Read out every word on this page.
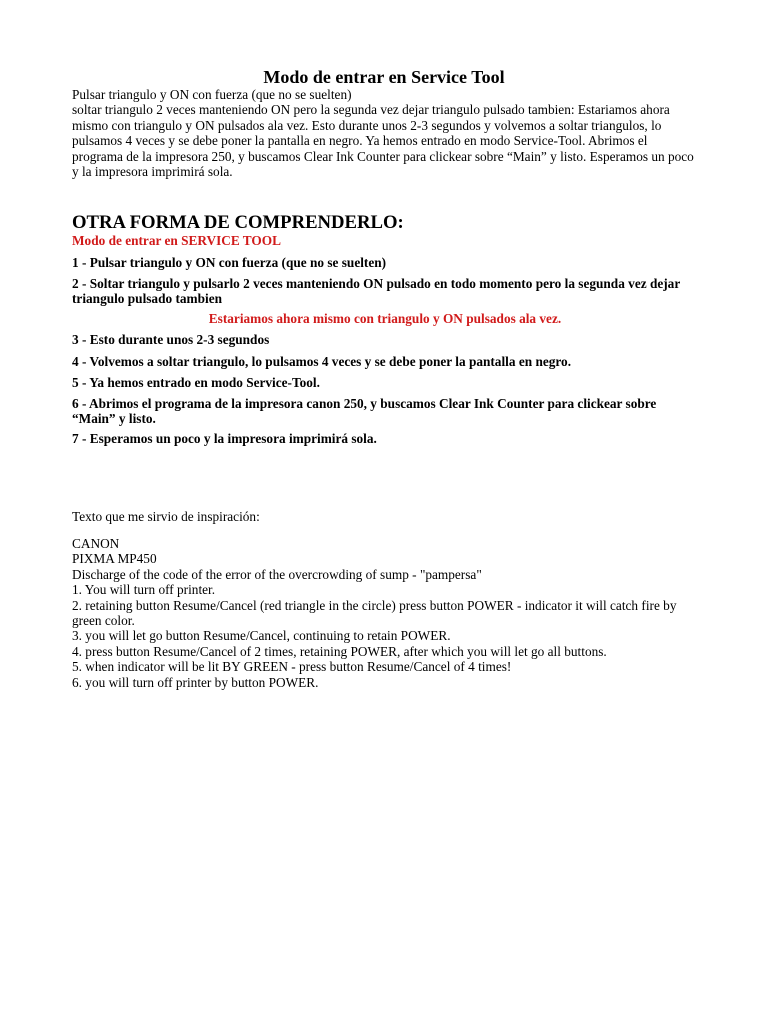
Modo de entrar en Service Tool
Pulsar triangulo y ON con fuerza (que no se suelten)
soltar triangulo 2 veces manteniendo ON pero la segunda vez dejar triangulo pulsado tambien: Estariamos ahora mismo con triangulo y ON pulsados ala vez. Esto durante unos 2-3 segundos y volvemos a soltar triangulos, lo pulsamos 4 veces y se debe poner la pantalla en negro. Ya hemos entrado en modo Service-Tool. Abrimos el programa de la impresora 250, y buscamos Clear Ink Counter para clickear sobre “Main” y listo. Esperamos un poco y la impresora imprimirá sola.
OTRA FORMA DE COMPRENDERLO:
Modo de entrar en SERVICE TOOL
1 - Pulsar triangulo y ON con fuerza (que no se suelten)
2 - Soltar triangulo y pulsarlo 2 veces manteniendo ON pulsado en todo momento pero la segunda vez dejar triangulo pulsado tambien
Estariamos ahora mismo con triangulo y ON pulsados ala vez.
3 - Esto durante unos 2-3 segundos
4 - Volvemos a soltar triangulo, lo pulsamos 4 veces y se debe poner la pantalla en negro.
5 - Ya hemos entrado en modo Service-Tool.
6 - Abrimos el programa de la impresora canon 250, y buscamos Clear Ink Counter para clickear sobre “Main” y listo.
7 - Esperamos un poco y la impresora imprimirá sola.
Texto que me sirvio de inspiración:
CANON
PIXMA MP450
Discharge of the code of the error of the overcrowding of sump - "pampersa"
1. You will turn off printer.
2. retaining button Resume/Cancel (red triangle in the circle) press button POWER - indicator it will catch fire by green color.
3. you will let go button Resume/Cancel, continuing to retain POWER.
4. press button Resume/Cancel of 2 times, retaining POWER, after which you will let go all buttons.
5. when indicator will be lit BY GREEN - press button Resume/Cancel of 4 times!
6. you will turn off printer by button POWER.
